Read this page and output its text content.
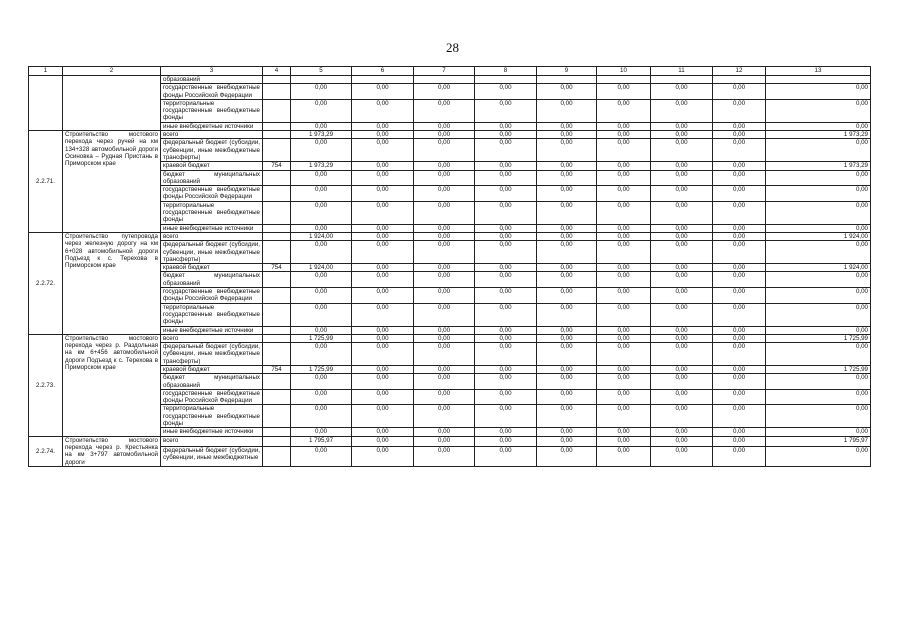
28
1	2	3	4	5	6	7	8	9	10	11	12	13
		образований										
		государственные внебюджетные фонды Российской Федерации		0,00	0,00	0,00	0,00	0,00	0,00	0,00	0,00	0,00
		территориальные государственные внебюджетные фонды		0,00	0,00	0,00	0,00	0,00	0,00	0,00	0,00	0,00
		иные внебюджетные источники		0,00	0,00	0,00	0,00	0,00	0,00	0,00	0,00	0,00
2.2.71.	Строительство мостового перехода через ручей на км 134+328 автомобильной дороги Осиновка – Рудная Пристань в Приморском крае	всего		1 973,29	0,00	0,00	0,00	0,00	0,00	0,00	0,00	1 973,29
		федеральный бюджет (субсидии, субвенции, иные межбюджетные трансферты)		0,00	0,00	0,00	0,00	0,00	0,00	0,00	0,00	0,00
		краевой бюджет	754	1 973,29	0,00	0,00	0,00	0,00	0,00	0,00	0,00	1 973,29
		бюджет муниципальных образований		0,00	0,00	0,00	0,00	0,00	0,00	0,00	0,00	0,00
		государственные внебюджетные фонды Российской Федерации		0,00	0,00	0,00	0,00	0,00	0,00	0,00	0,00	0,00
		территориальные государственные внебюджетные фонды		0,00	0,00	0,00	0,00	0,00	0,00	0,00	0,00	0,00
		иные внебюджетные источники		0,00	0,00	0,00	0,00	0,00	0,00	0,00	0,00	0,00
2.2.72.	Строительство путепровода через железную дорогу на км 6+028 автомобильной дороги Подъезд к с. Терехова в Приморском крае	всего		1 924,00	0,00	0,00	0,00	0,00	0,00	0,00	0,00	1 924,00
		федеральный бюджет (субсидии, субвенции, иные межбюджетные трансферты)		0,00	0,00	0,00	0,00	0,00	0,00	0,00	0,00	0,00
		краевой бюджет	754	1 924,00	0,00	0,00	0,00	0,00	0,00	0,00	0,00	1 924,00
		бюджет муниципальных образований		0,00	0,00	0,00	0,00	0,00	0,00	0,00	0,00	0,00
		государственные внебюджетные фонды Российской Федерации		0,00	0,00	0,00	0,00	0,00	0,00	0,00	0,00	0,00
		территориальные государственные внебюджетные фонды		0,00	0,00	0,00	0,00	0,00	0,00	0,00	0,00	0,00
		иные внебюджетные источники		0,00	0,00	0,00	0,00	0,00	0,00	0,00	0,00	0,00
2.2.73.	Строительство мостового перехода через р. Раздольная на км 6+456 автомобильной дороги Подъезд к с. Терехова в Приморском крае	всего		1 725,99	0,00	0,00	0,00	0,00	0,00	0,00	0,00	1 725,99
		федеральный бюджет (субсидии, субвенции, иные межбюджетные трансферты)		0,00	0,00	0,00	0,00	0,00	0,00	0,00	0,00	0,00
		краевой бюджет	754	1 725,99	0,00	0,00	0,00	0,00	0,00	0,00	0,00	1 725,99
		бюджет муниципальных образований		0,00	0,00	0,00	0,00	0,00	0,00	0,00	0,00	0,00
		государственные внебюджетные фонды Российской Федерации		0,00	0,00	0,00	0,00	0,00	0,00	0,00	0,00	0,00
		территориальные государственные внебюджетные фонды		0,00	0,00	0,00	0,00	0,00	0,00	0,00	0,00	0,00
		иные внебюджетные источники		0,00	0,00	0,00	0,00	0,00	0,00	0,00	0,00	0,00
2.2.74.	Строительство мостового перехода через р. Крестьянка на км 3+797 автомобильной дороги	всего		1 795,97	0,00	0,00	0,00	0,00	0,00	0,00	0,00	1 795,97
		федеральный бюджет (субсидии, субвенции, иные межбюджетные		0,00	0,00	0,00	0,00	0,00	0,00	0,00	0,00	0,00
